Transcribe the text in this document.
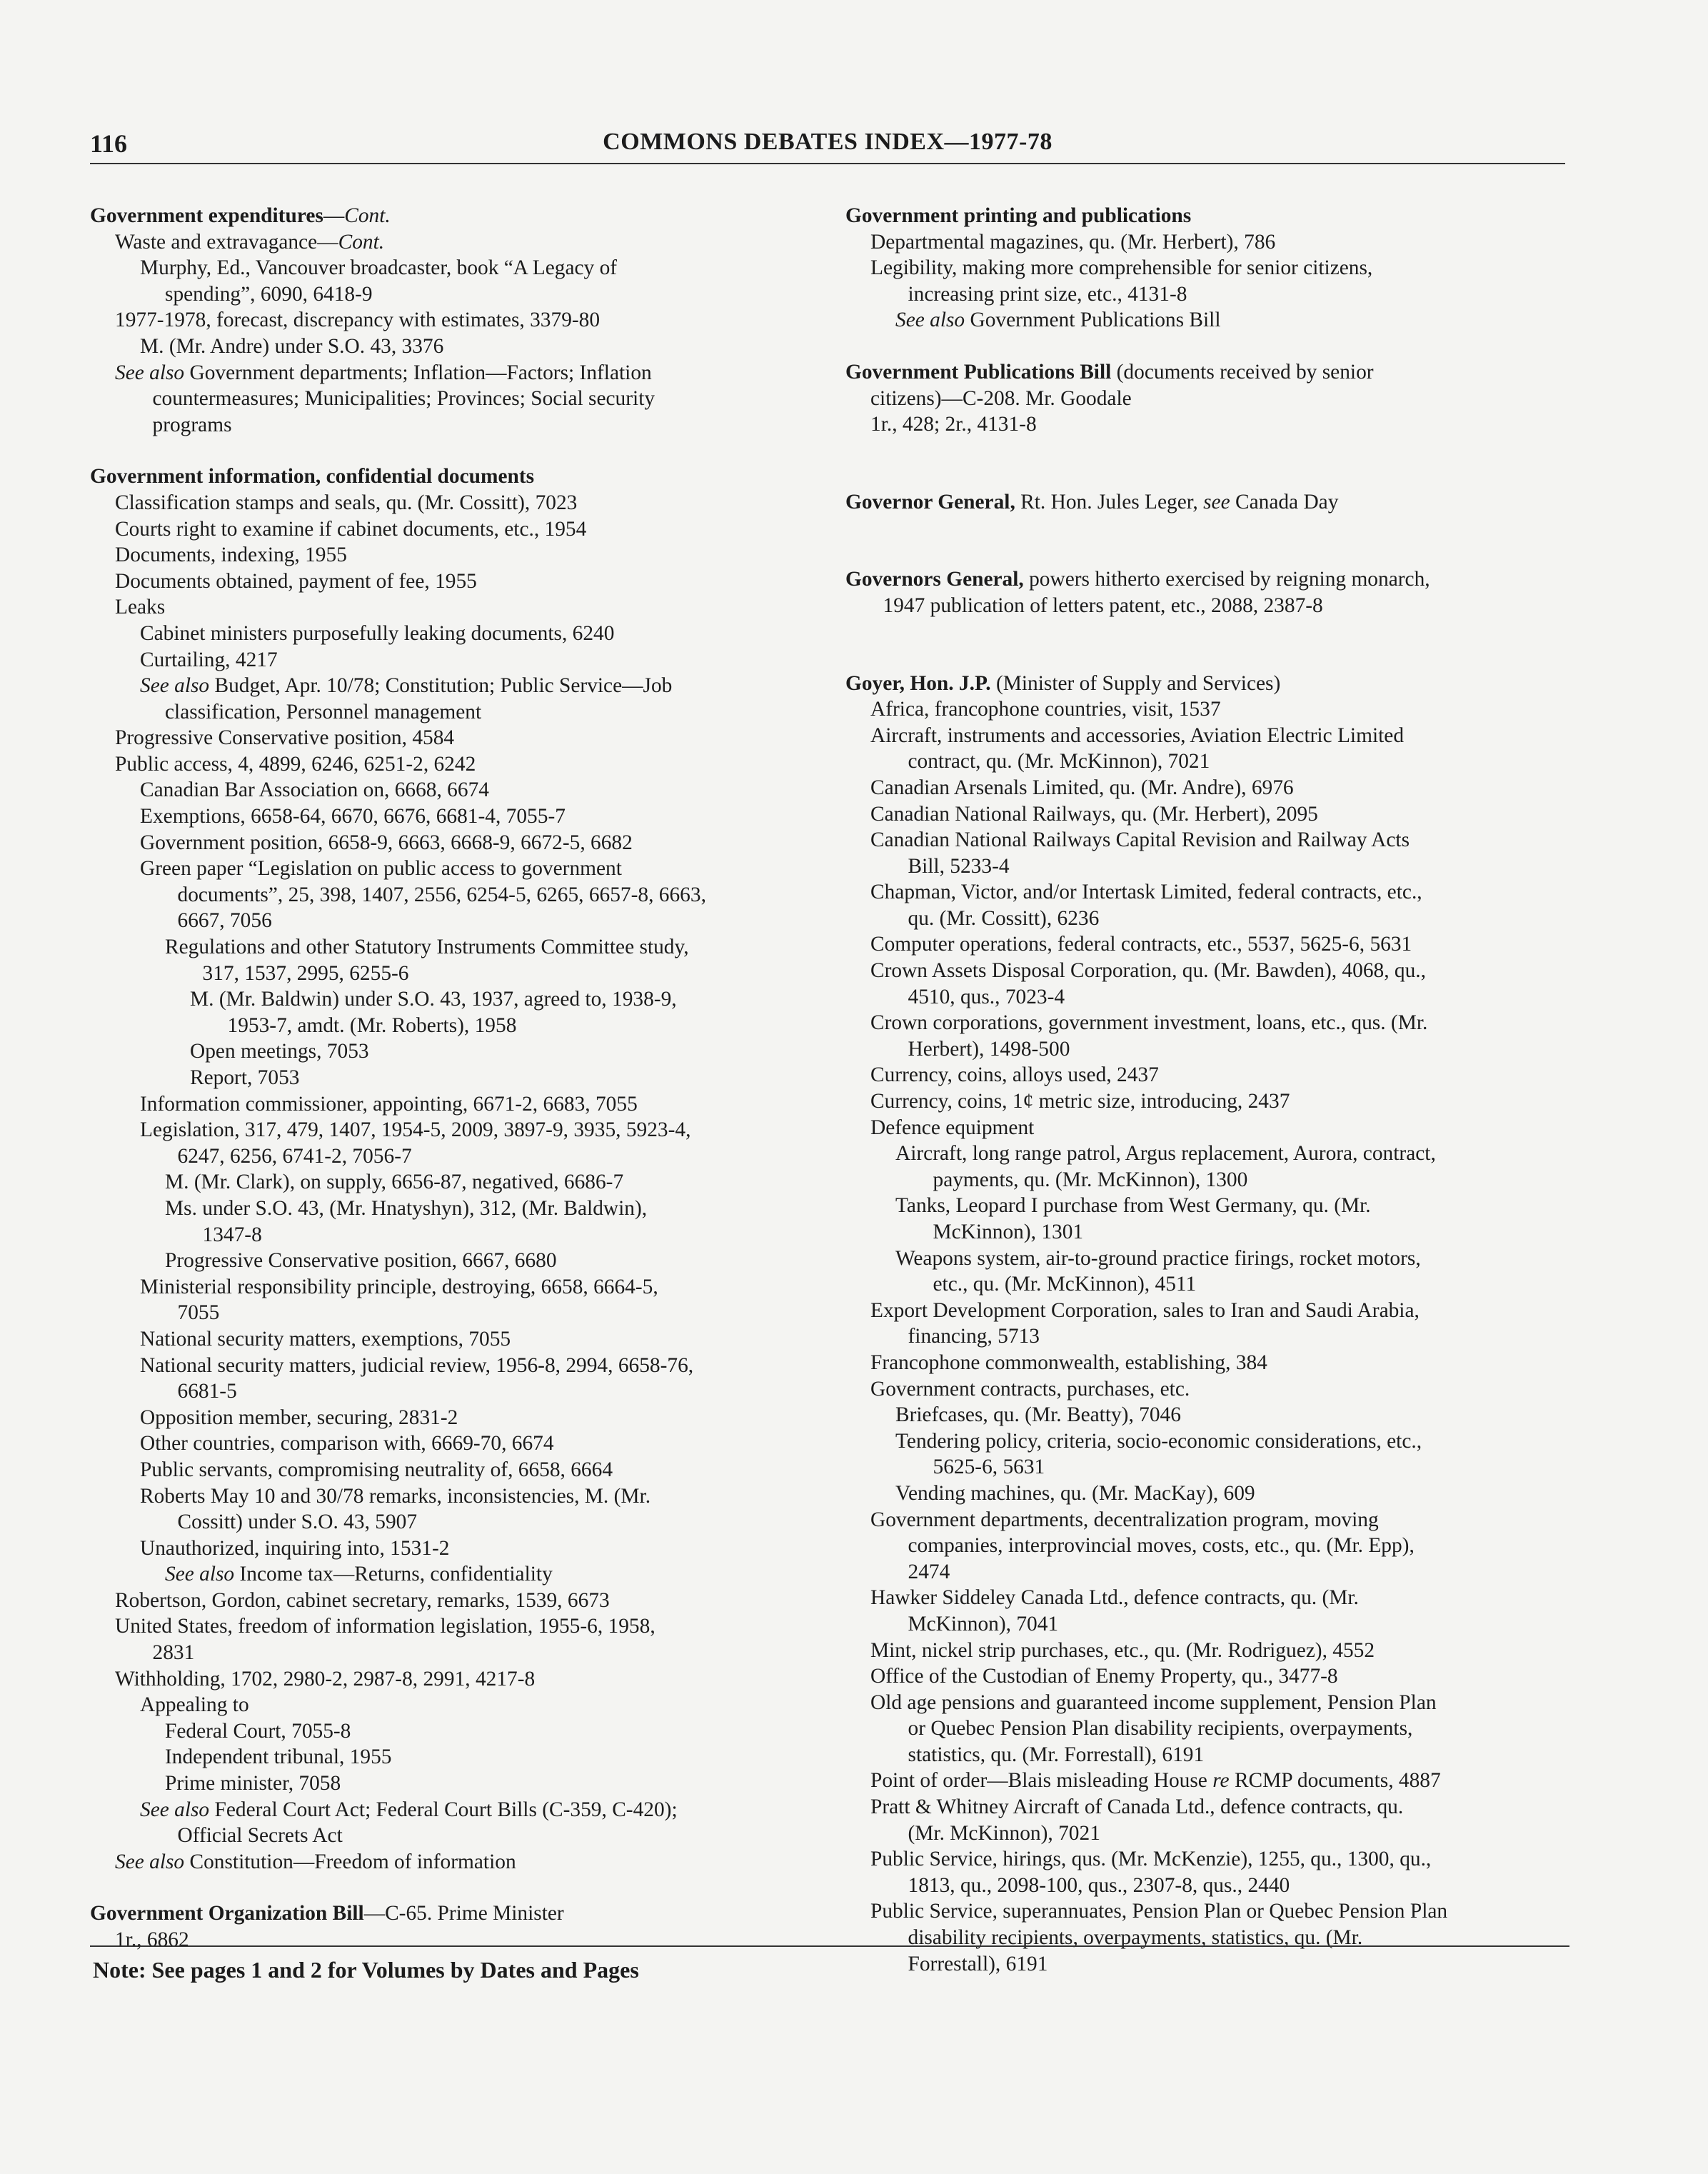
116	COMMONS DEBATES INDEX—1977-78
Government expenditures—Cont.
Waste and extravagance—Cont.
Murphy, Ed., Vancouver broadcaster, book “A Legacy of
spending”, 6090, 6418-9
1977-1978, forecast, discrepancy with estimates, 3379-80
M. (Mr. Andre) under S.O. 43, 3376
See also Government departments; Inflation—Factors; Inflation
countermeasures; Municipalities; Provinces; Social security
programs
Government information, confidential documents
Classification stamps and seals, qu. (Mr. Cossitt), 7023
Courts right to examine if cabinet documents, etc., 1954
Documents, indexing, 1955
Documents obtained, payment of fee, 1955
Leaks
Cabinet ministers purposefully leaking documents, 6240
Curtailing, 4217
See also Budget, Apr. 10/78; Constitution; Public Service—Job
classification, Personnel management
Progressive Conservative position, 4584
Public access, 4, 4899, 6246, 6251-2, 6242
Canadian Bar Association on, 6668, 6674
Exemptions, 6658-64, 6670, 6676, 6681-4, 7055-7
Government position, 6658-9, 6663, 6668-9, 6672-5, 6682
Green paper “Legislation on public access to government
documents”, 25, 398, 1407, 2556, 6254-5, 6265, 6657-8, 6663,
6667, 7056
Regulations and other Statutory Instruments Committee study,
317, 1537, 2995, 6255-6
M. (Mr. Baldwin) under S.O. 43, 1937, agreed to, 1938-9,
1953-7, amdt. (Mr. Roberts), 1958
Open meetings, 7053
Report, 7053
Information commissioner, appointing, 6671-2, 6683, 7055
Legislation, 317, 479, 1407, 1954-5, 2009, 3897-9, 3935, 5923-4,
6247, 6256, 6741-2, 7056-7
M. (Mr. Clark), on supply, 6656-87, negatived, 6686-7
Ms. under S.O. 43, (Mr. Hnatyshyn), 312, (Mr. Baldwin),
1347-8
Progressive Conservative position, 6667, 6680
Ministerial responsibility principle, destroying, 6658, 6664-5,
7055
National security matters, exemptions, 7055
National security matters, judicial review, 1956-8, 2994, 6658-76,
6681-5
Opposition member, securing, 2831-2
Other countries, comparison with, 6669-70, 6674
Public servants, compromising neutrality of, 6658, 6664
Roberts May 10 and 30/78 remarks, inconsistencies, M. (Mr.
Cossitt) under S.O. 43, 5907
Unauthorized, inquiring into, 1531-2
See also Income tax—Returns, confidentiality
Robertson, Gordon, cabinet secretary, remarks, 1539, 6673
United States, freedom of information legislation, 1955-6, 1958,
2831
Withholding, 1702, 2980-2, 2987-8, 2991, 4217-8
Appealing to
Federal Court, 7055-8
Independent tribunal, 1955
Prime minister, 7058
See also Federal Court Act; Federal Court Bills (C-359, C-420);
Official Secrets Act
See also Constitution—Freedom of information
Government Organization Bill—C-65. Prime Minister
1r., 6862
Government printing and publications
Departmental magazines, qu. (Mr. Herbert), 786
Legibility, making more comprehensible for senior citizens,
increasing print size, etc., 4131-8
See also Government Publications Bill
Government Publications Bill (documents received by senior
citizens)—C-208. Mr. Goodale
1r., 428; 2r., 4131-8
Governor General, Rt. Hon. Jules Leger, see Canada Day
Governors General, powers hitherto exercised by reigning monarch,
1947 publication of letters patent, etc., 2088, 2387-8
Goyer, Hon. J.P. (Minister of Supply and Services)
Africa, francophone countries, visit, 1537
Aircraft, instruments and accessories, Aviation Electric Limited
contract, qu. (Mr. McKinnon), 7021
Canadian Arsenals Limited, qu. (Mr. Andre), 6976
Canadian National Railways, qu. (Mr. Herbert), 2095
Canadian National Railways Capital Revision and Railway Acts
Bill, 5233-4
Chapman, Victor, and/or Intertask Limited, federal contracts, etc.,
qu. (Mr. Cossitt), 6236
Computer operations, federal contracts, etc., 5537, 5625-6, 5631
Crown Assets Disposal Corporation, qu. (Mr. Bawden), 4068, qu.,
4510, qus., 7023-4
Crown corporations, government investment, loans, etc., qus. (Mr.
Herbert), 1498-500
Currency, coins, alloys used, 2437
Currency, coins, 1¢ metric size, introducing, 2437
Defence equipment
Aircraft, long range patrol, Argus replacement, Aurora, contract,
payments, qu. (Mr. McKinnon), 1300
Tanks, Leopard I purchase from West Germany, qu. (Mr.
McKinnon), 1301
Weapons system, air-to-ground practice firings, rocket motors,
etc., qu. (Mr. McKinnon), 4511
Export Development Corporation, sales to Iran and Saudi Arabia,
financing, 5713
Francophone commonwealth, establishing, 384
Government contracts, purchases, etc.
Briefcases, qu. (Mr. Beatty), 7046
Tendering policy, criteria, socio-economic considerations, etc.,
5625-6, 5631
Vending machines, qu. (Mr. MacKay), 609
Government departments, decentralization program, moving
companies, interprovincial moves, costs, etc., qu. (Mr. Epp),
2474
Hawker Siddeley Canada Ltd., defence contracts, qu. (Mr.
McKinnon), 7041
Mint, nickel strip purchases, etc., qu. (Mr. Rodriguez), 4552
Office of the Custodian of Enemy Property, qu., 3477-8
Old age pensions and guaranteed income supplement, Pension Plan
or Quebec Pension Plan disability recipients, overpayments,
statistics, qu. (Mr. Forrestall), 6191
Point of order—Blais misleading House re RCMP documents, 4887
Pratt & Whitney Aircraft of Canada Ltd., defence contracts, qu.
(Mr. McKinnon), 7021
Public Service, hirings, qus. (Mr. McKenzie), 1255, qu., 1300, qu.,
1813, qu., 2098-100, qus., 2307-8, qus., 2440
Public Service, superannuates, Pension Plan or Quebec Pension Plan
disability recipients, overpayments, statistics, qu. (Mr.
Forrestall), 6191
Note: See pages 1 and 2 for Volumes by Dates and Pages
